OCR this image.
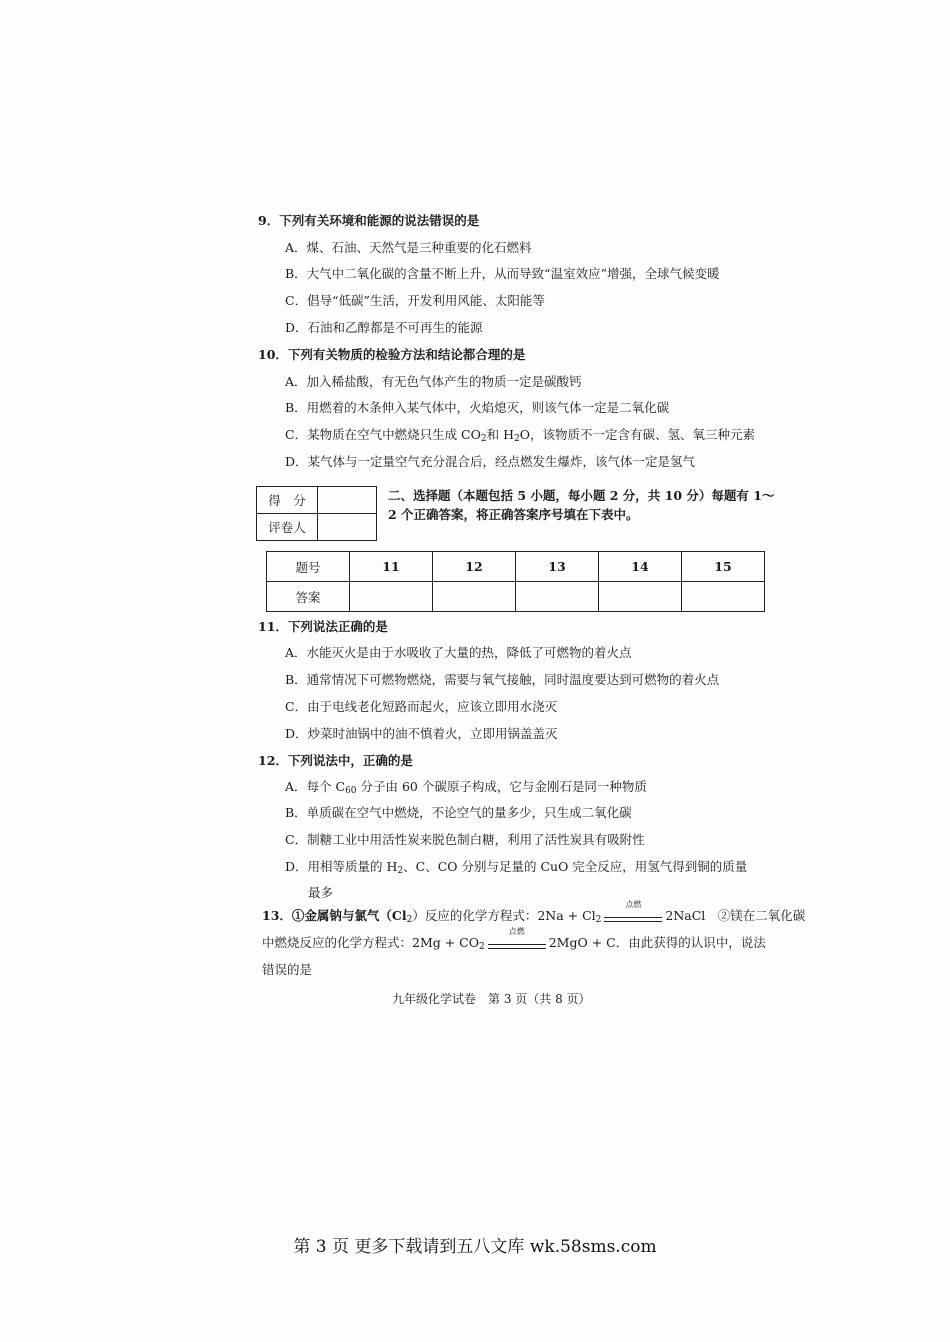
9．下列有关环境和能源的说法错误的是
A．煤、石油、天然气是三种重要的化石燃料
B．大气中二氧化碳的含量不断上升，从而导致“温室效应”增强，全球气候变暖
C．倡导“低碳”生活，开发利用风能、太阳能等
D．石油和乙醇都是不可再生的能源
10．下列有关物质的检验方法和结论都合理的是
A．加入稀盐酸，有无色气体产生的物质一定是碳酸钙
B．用燃着的木条伸入某气体中，火焰熄灭，则该气体一定是二氧化碳
C．某物质在空气中燃烧只生成 $CO_2$和 $H_2O$，该物质不一定含有碳、氢、氧三种元素
D．某气体与一定量空气充分混合后，经点燃发生爆炸，该气体一定是氢气
得　分	
评卷人	
二、选择题（本题包括 5 小题，每小题 2 分，共 10 分）每题有 1～
2 个正确答案，将正确答案序号填在下表中。
题号	11	12	13	14	15
答案					
11．下列说法正确的是
A．水能灭火是由于水吸收了大量的热，降低了可燃物的着火点
B．通常情况下可燃物燃烧，需要与氧气接触，同时温度要达到可燃物的着火点
C．由于电线老化短路而起火，应该立即用水浇灭
D．炒菜时油锅中的油不慎着火，立即用锅盖盖灭
12．下列说法中，正确的是
A．每个 $C_{60}$ 分子由 60 个碳原子构成，它与金刚石是同一种物质
B．单质碳在空气中燃烧，不论空气的量多少，只生成二氧化碳
C．制糖工业中用活性炭来脱色制白糖，利用了活性炭具有吸附性
D．用相等质量的 $H_2$、C、CO 分别与足量的 CuO 完全反应，用氢气得到铜的质量
最多
13．①金属钠与氯气$(Cl_2)$反应的化学方程式：$2Na + Cl_2$
点燃
2NaCl　②镁在二氧化碳
中燃烧反应的化学方程式：$2Mg + CO_2$
点燃
2MgO + C．由此获得的认识中，说法
错误的是
九年级化学试卷　第 3 页（共 8 页）
第 3 页 更多下载请到五八文库 wk.58sms.com
